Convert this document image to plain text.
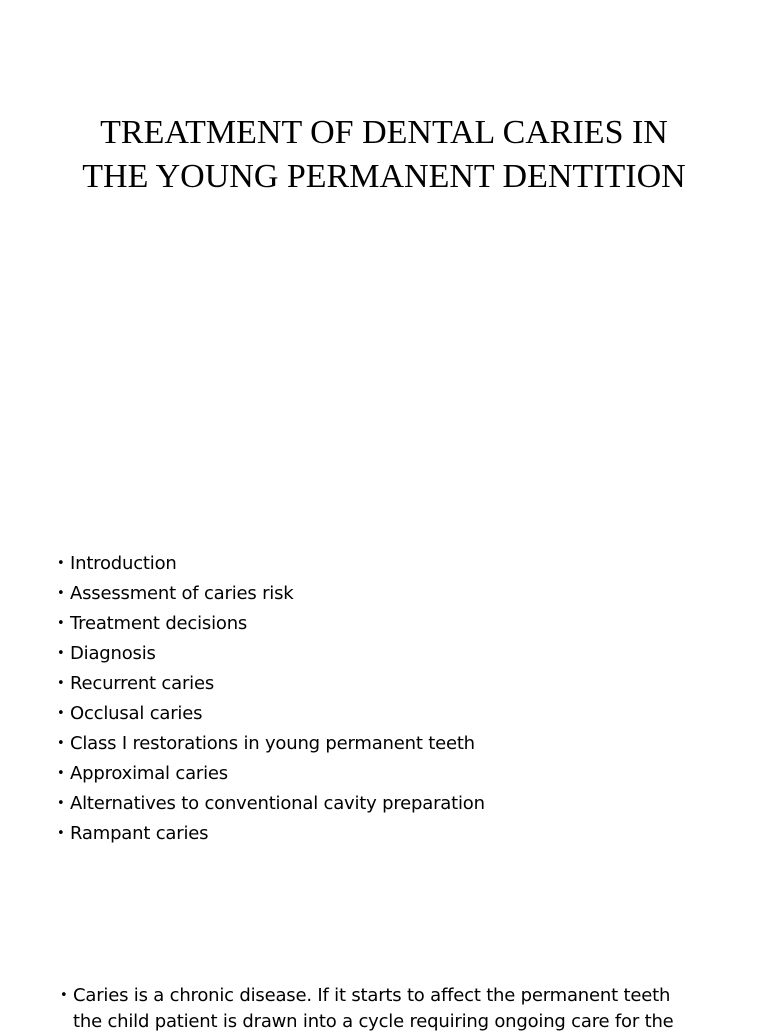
TREATMENT OF DENTAL CARIES IN
THE YOUNG PERMANENT DENTITION
• Introduction
• Assessment of caries risk
• Treatment decisions
• Diagnosis
• Recurrent caries
• Occlusal caries
• Class I restorations in young permanent teeth
• Approximal caries
• Alternatives to conventional cavity preparation
• Rampant caries
• Caries is a chronic disease. If it starts to affect the permanent teeth
the child patient is drawn into a cycle requiring ongoing care for the
